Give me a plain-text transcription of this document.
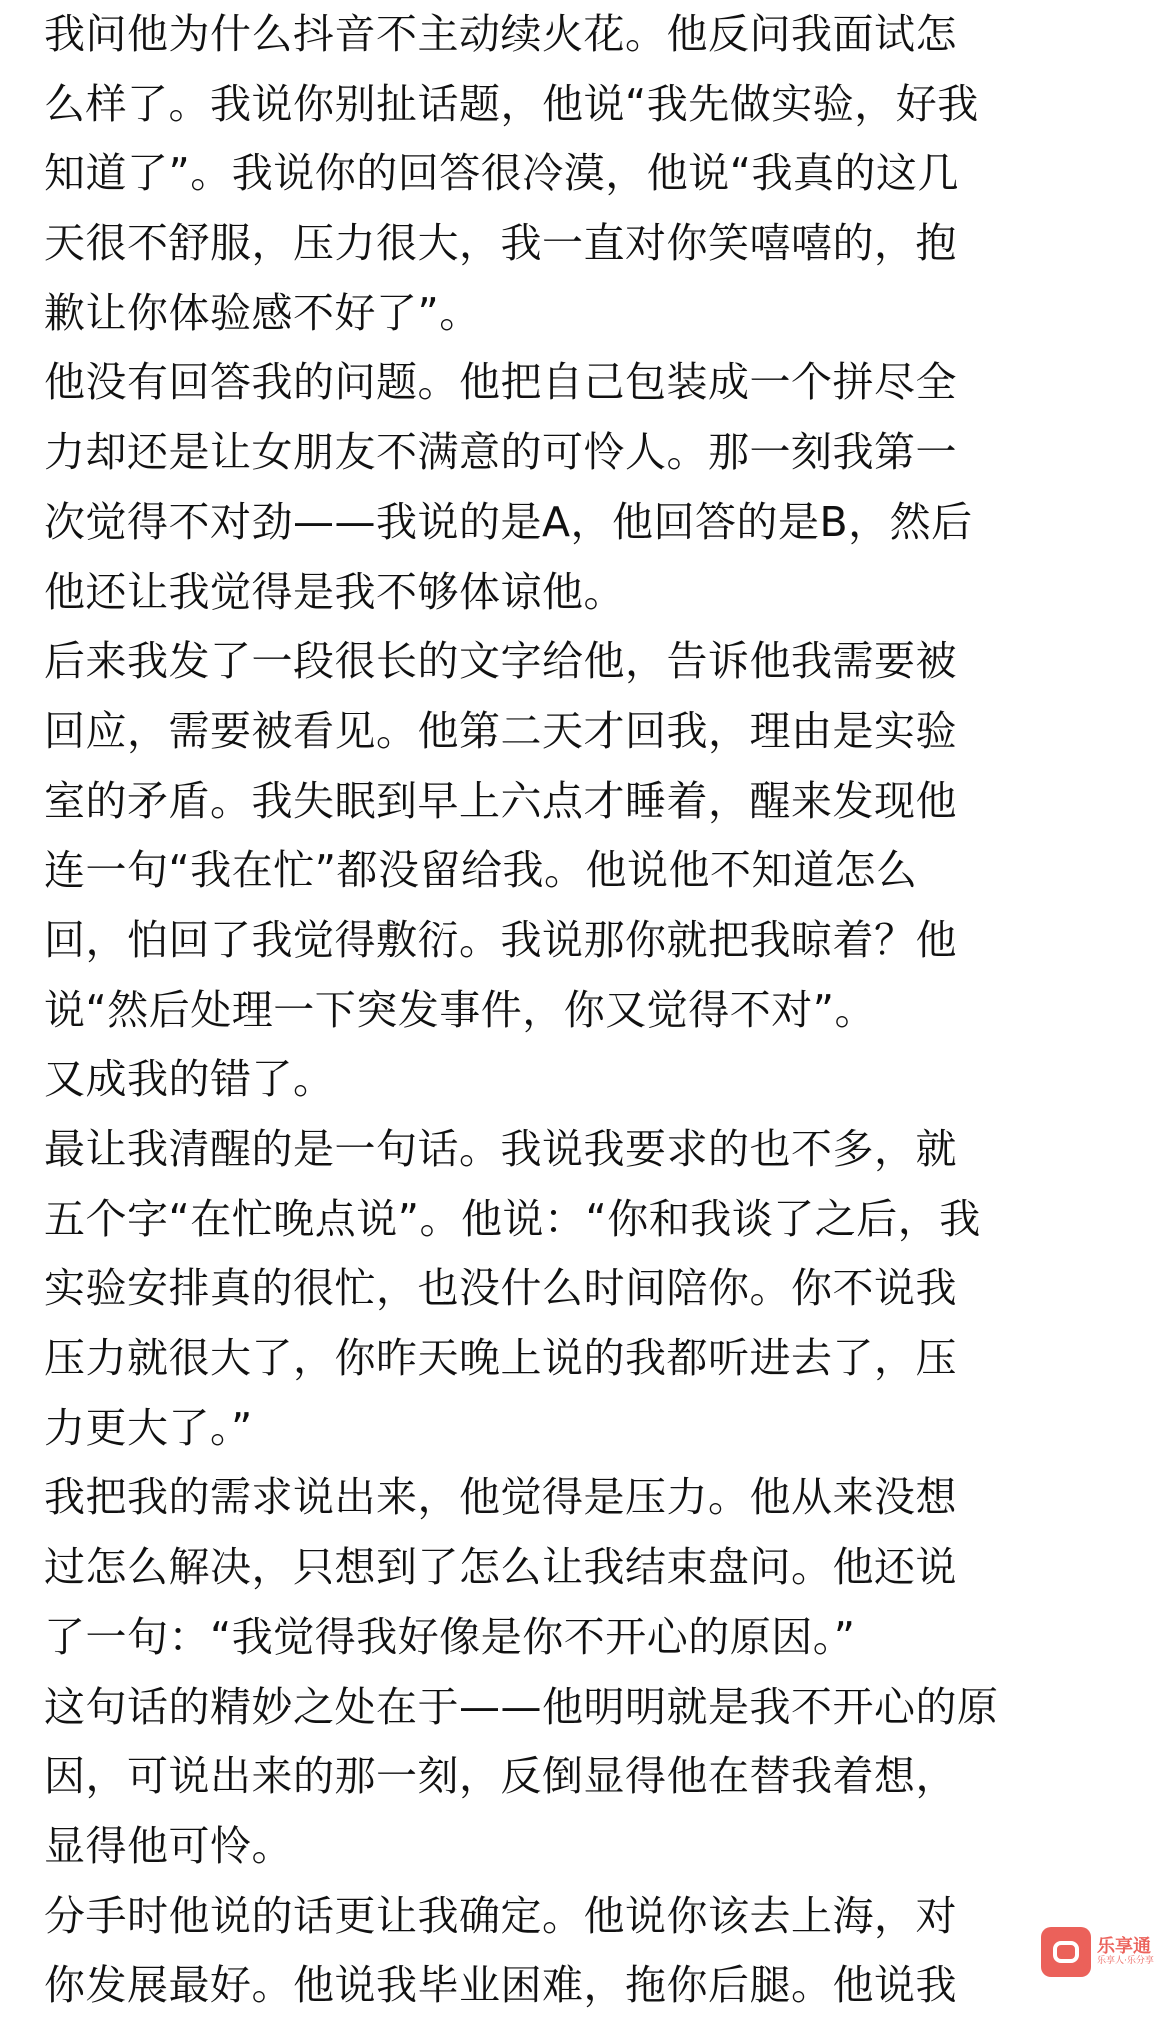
我问他为什么抖音不主动续火花。他反问我面试怎
么样了。我说你别扯话题，他说“我先做实验，好我
知道了”。我说你的回答很冷漠，他说“我真的这几
天很不舒服，压力很大，我一直对你笑嘻嘻的，抱
歉让你体验感不好了”。
他没有回答我的问题。他把自己包装成一个拼尽全
力却还是让女朋友不满意的可怜人。那一刻我第一
次觉得不对劲——我说的是A，他回答的是B，然后
他还让我觉得是我不够体谅他。
后来我发了一段很长的文字给他，告诉他我需要被
回应，需要被看见。他第二天才回我，理由是实验
室的矛盾。我失眠到早上六点才睡着，醒来发现他
连一句“我在忙”都没留给我。他说他不知道怎么
回，怕回了我觉得敷衍。我说那你就把我晾着？他
说“然后处理一下突发事件，你又觉得不对”。
又成我的错了。
最让我清醒的是一句话。我说我要求的也不多，就
五个字“在忙晚点说”。他说：“你和我谈了之后，我
实验安排真的很忙，也没什么时间陪你。你不说我
压力就很大了，你昨天晚上说的我都听进去了，压
力更大了。”
我把我的需求说出来，他觉得是压力。他从来没想
过怎么解决，只想到了怎么让我结束盘问。他还说
了一句：“我觉得我好像是你不开心的原因。”
这句话的精妙之处在于——他明明就是我不开心的原
因，可说出来的那一刻，反倒显得他在替我着想，
显得他可怜。
分手时他说的话更让我确定。他说你该去上海，对
你发展最好。他说我毕业困难，拖你后腿。他说我
乐享通
乐享人·乐分享
